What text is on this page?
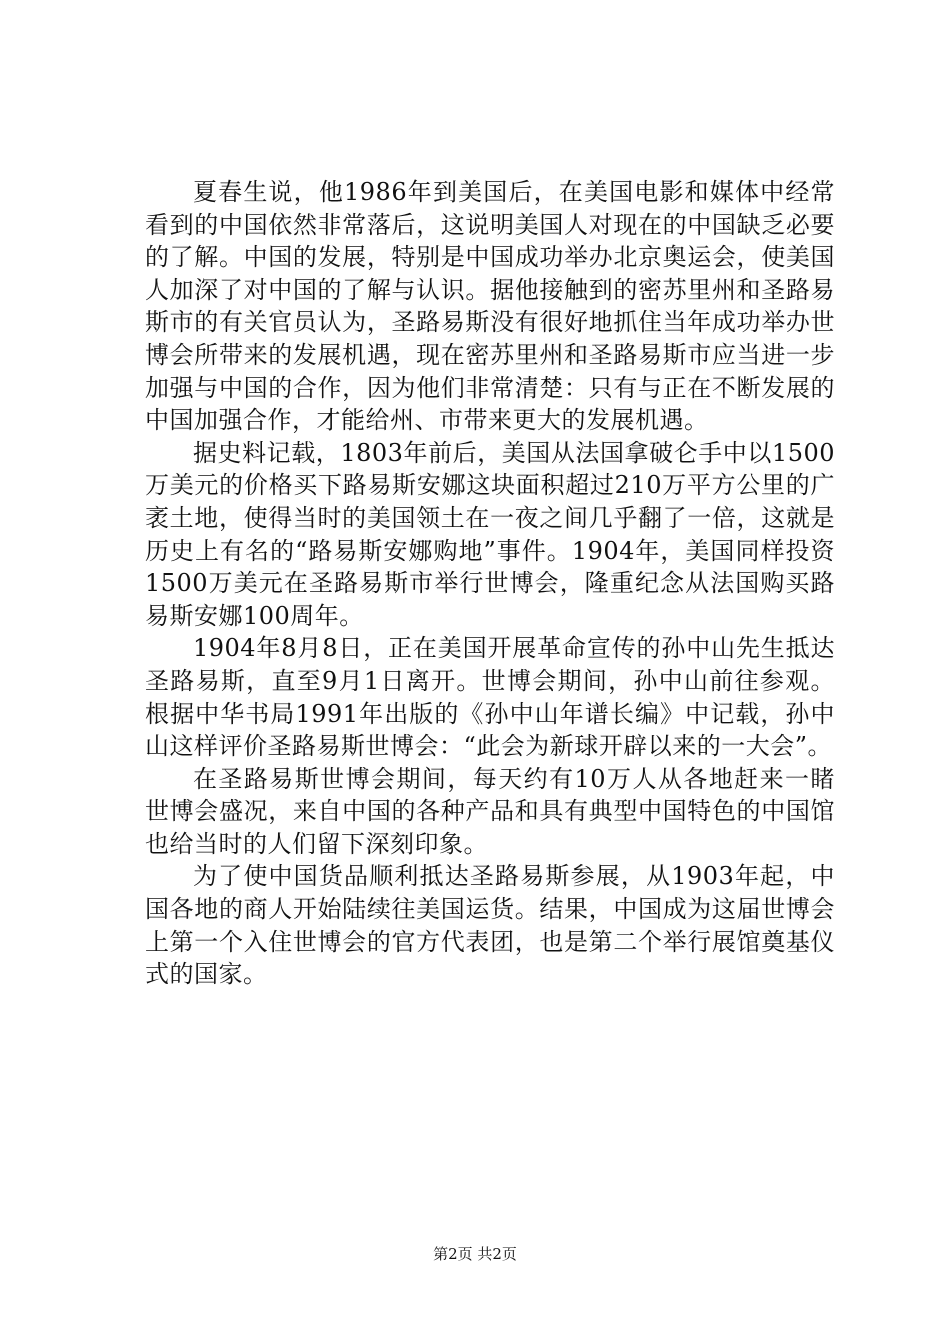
夏春生说，他1986年到美国后，在美国电影和媒体中经常看到的中国依然非常落后，这说明美国人对现在的中国缺乏必要的了解。中国的发展，特别是中国成功举办北京奥运会，使美国人加深了对中国的了解与认识。据他接触到的密苏里州和圣路易斯市的有关官员认为，圣路易斯没有很好地抓住当年成功举办世博会所带来的发展机遇，现在密苏里州和圣路易斯市应当进一步加强与中国的合作，因为他们非常清楚：只有与正在不断发展的中国加强合作，才能给州、市带来更大的发展机遇。

据史料记载，1803年前后，美国从法国拿破仑手中以1500万美元的价格买下路易斯安娜这块面积超过210万平方公里的广袤土地，使得当时的美国领土在一夜之间几乎翻了一倍，这就是历史上有名的“路易斯安娜购地”事件。1904年，美国同样投资1500万美元在圣路易斯市举行世博会，隆重纪念从法国购买路易斯安娜100周年。

1904年8月8日，正在美国开展革命宣传的孙中山先生抵达圣路易斯，直至9月1日离开。世博会期间，孙中山前往参观。根据中华书局1991年出版的《孙中山年谱长编》中记载，孙中山这样评价圣路易斯世博会：“此会为新球开辟以来的一大会”。

在圣路易斯世博会期间，每天约有10万人从各地赶来一睹世博会盛况，来自中国的各种产品和具有典型中国特色的中国馆也给当时的人们留下深刻印象。

为了使中国货品顺利抵达圣路易斯参展，从1903年起，中国各地的商人开始陆续往美国运货。结果，中国成为这届世博会上第一个入住世博会的官方代表团，也是第二个举行展馆奠基仪式的国家。

第2页 共2页
